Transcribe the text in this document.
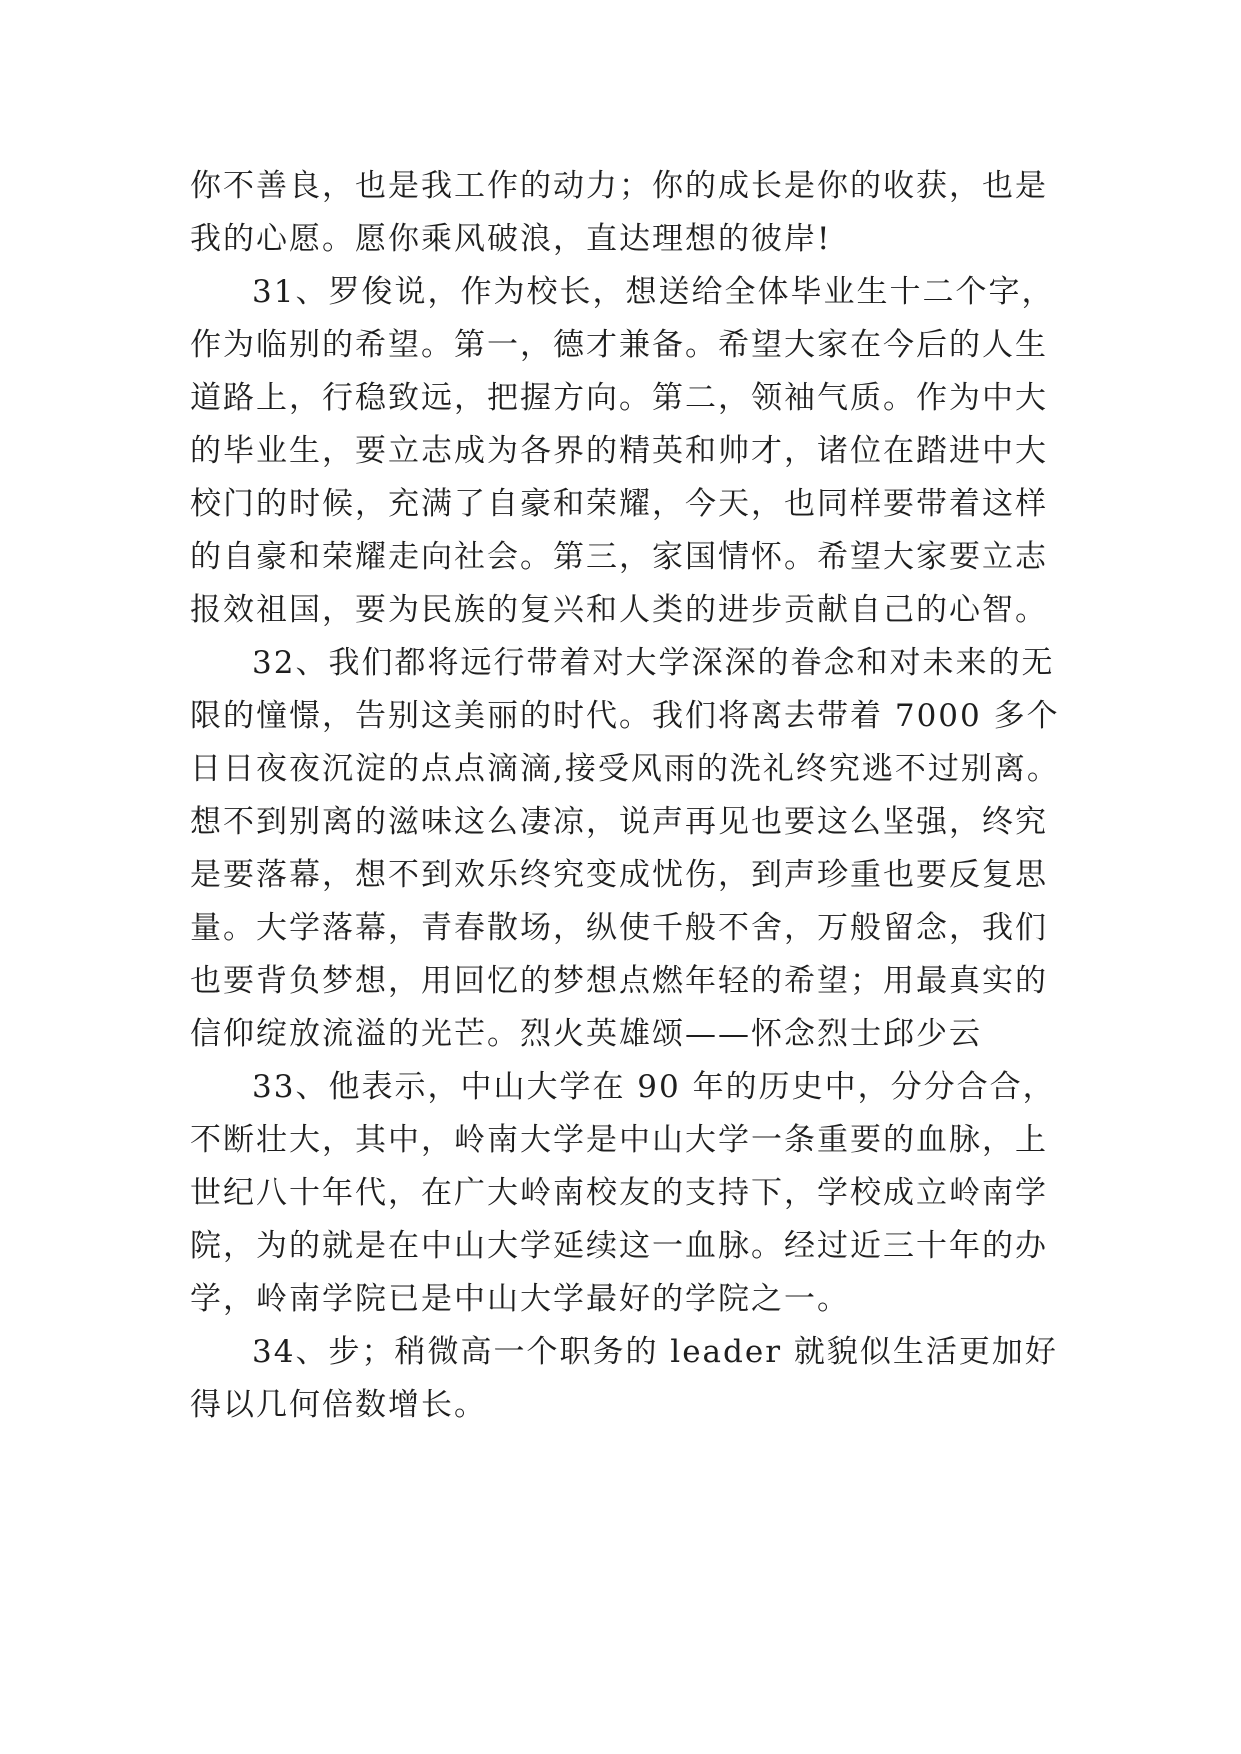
你不善良，也是我工作的动力；你的成长是你的收获，也是
我的心愿。愿你乘风破浪，直达理想的彼岸!
31、罗俊说，作为校长，想送给全体毕业生十二个字，
作为临别的希望。第一，德才兼备。希望大家在今后的人生
道路上，行稳致远，把握方向。第二，领袖气质。作为中大
的毕业生，要立志成为各界的精英和帅才，诸位在踏进中大
校门的时候，充满了自豪和荣耀，今天，也同样要带着这样
的自豪和荣耀走向社会。第三，家国情怀。希望大家要立志
报效祖国，要为民族的复兴和人类的进步贡献自己的心智。
32、我们都将远行带着对大学深深的眷念和对未来的无
限的憧憬，告别这美丽的时代。我们将离去带着 7000 多个
日日夜夜沉淀的点点滴滴,接受风雨的洗礼终究逃不过别离。
想不到别离的滋味这么凄凉，说声再见也要这么坚强，终究
是要落幕，想不到欢乐终究变成忧伤，到声珍重也要反复思
量。大学落幕，青春散场，纵使千般不舍，万般留念，我们
也要背负梦想，用回忆的梦想点燃年轻的希望；用最真实的
信仰绽放流溢的光芒。烈火英雄颂——怀念烈士邱少云
33、他表示，中山大学在 90 年的历史中，分分合合，
不断壮大，其中，岭南大学是中山大学一条重要的血脉，上
世纪八十年代，在广大岭南校友的支持下，学校成立岭南学
院，为的就是在中山大学延续这一血脉。经过近三十年的办
学，岭南学院已是中山大学最好的学院之一。
34、步；稍微高一个职务的 leader 就貌似生活更加好
得以几何倍数增长。
